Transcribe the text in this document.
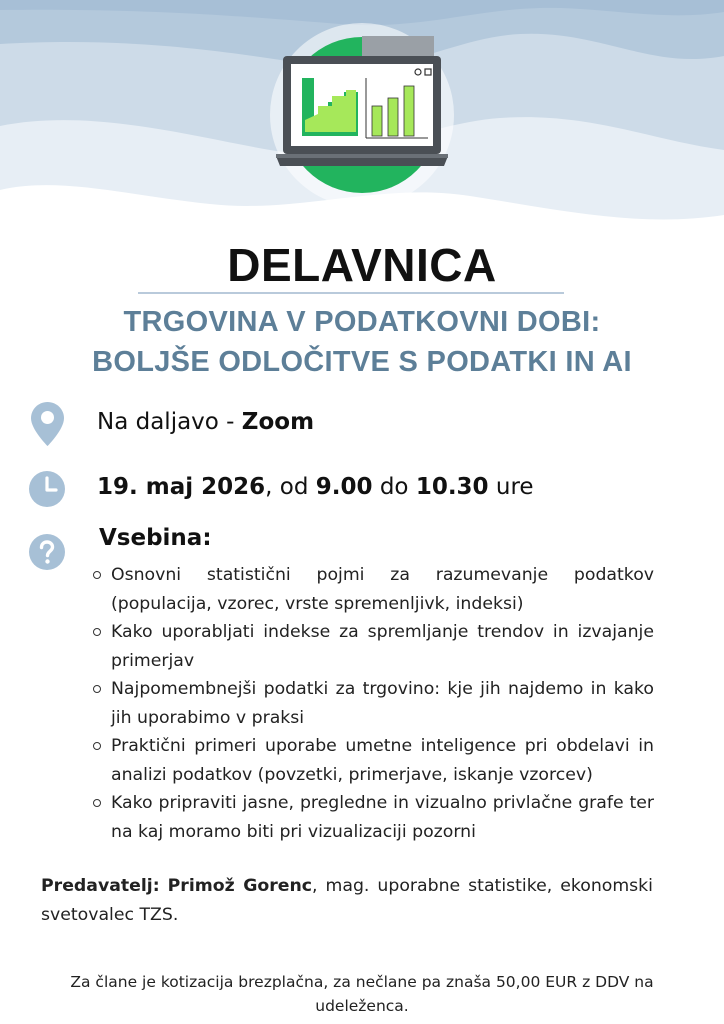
DELAVNICA
TRGOVINA V PODATKOVNI DOBI:
BOLJŠE ODLOČITVE S PODATKI IN AI
Na daljavo - Zoom
19. maj 2026, od 9.00 do 10.30 ure
Vsebina:
Osnovni statistični pojmi za razumevanje podatkov (populacija, vzorec, vrste spremenljivk, indeksi)
Kako uporabljati indekse za spremljanje trendov in izvajanje primerjav
Najpomembnejši podatki za trgovino: kje jih najdemo in kako jih uporabimo v praksi
Praktični primeri uporabe umetne inteligence pri obdelavi in analizi podatkov (povzetki, primerjave, iskanje vzorcev)
Kako pripraviti jasne, pregledne in vizualno privlačne grafe ter na kaj moramo biti pri vizualizaciji pozorni
Predavatelj: Primož Gorenc, mag. uporabne statistike, ekonomski svetovalec TZS.
Za člane je kotizacija brezplačna, za nečlane pa znaša 50,00 EUR z DDV na udeleženca.
